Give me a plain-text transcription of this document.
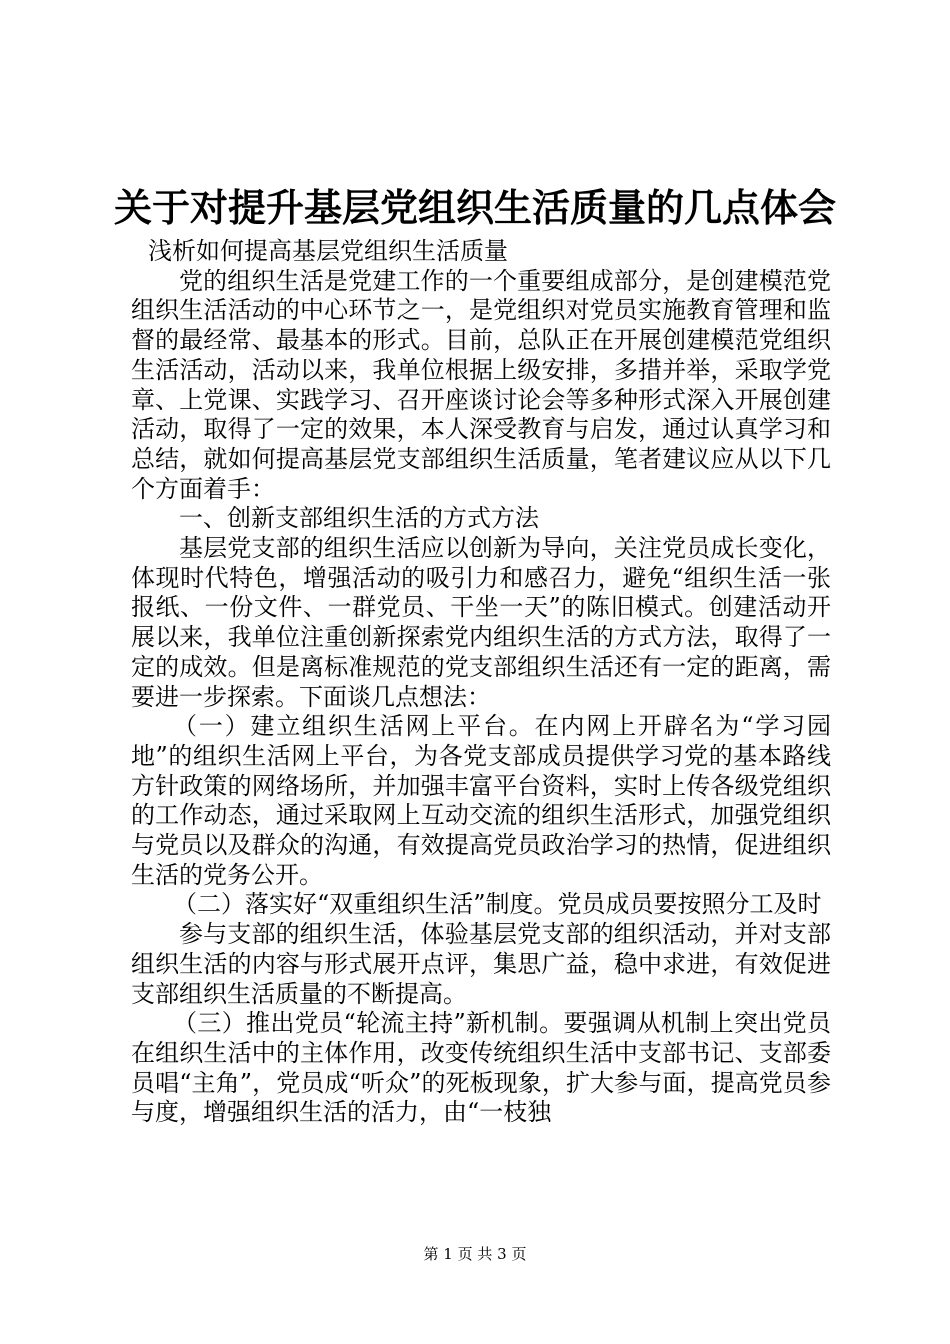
关于对提升基层党组织生活质量的几点体会

浅析如何提高基层党组织生活质量

党的组织生活是党建工作的一个重要组成部分，是创建模范党组织生活活动的中心环节之一，是党组织对党员实施教育管理和监督的最经常、最基本的形式。目前，总队正在开展创建模范党组织生活活动，活动以来，我单位根据上级安排，多措并举，采取学党章、上党课、实践学习、召开座谈讨论会等多种形式深入开展创建活动，取得了一定的效果，本人深受教育与启发，通过认真学习和总结，就如何提高基层党支部组织生活质量，笔者建议应从以下几个方面着手：

一、创新支部组织生活的方式方法

基层党支部的组织生活应以创新为导向，关注党员成长变化，体现时代特色，增强活动的吸引力和感召力，避免“组织生活一张报纸、一份文件、一群党员、干坐一天”的陈旧模式。创建活动开展以来，我单位注重创新探索党内组织生活的方式方法，取得了一定的成效。但是离标准规范的党支部组织生活还有一定的距离，需要进一步探索。下面谈几点想法：

（一）建立组织生活网上平台。在内网上开辟名为“学习园地”的组织生活网上平台，为各党支部成员提供学习党的基本路线方针政策的网络场所，并加强丰富平台资料，实时上传各级党组织的工作动态，通过采取网上互动交流的组织生活形式，加强党组织与党员以及群众的沟通，有效提高党员政治学习的热情，促进组织生活的党务公开。

（二）落实好“双重组织生活”制度。党员成员要按照分工及时

参与支部的组织生活，体验基层党支部的组织活动，并对支部组织生活的内容与形式展开点评，集思广益，稳中求进，有效促进支部组织生活质量的不断提高。

（三）推出党员“轮流主持”新机制。要强调从机制上突出党员在组织生活中的主体作用，改变传统组织生活中支部书记、支部委员唱“主角”，党员成“听众”的死板现象，扩大参与面，提高党员参与度，增强组织生活的活力，由“一枝独

第 1 页 共 3 页
